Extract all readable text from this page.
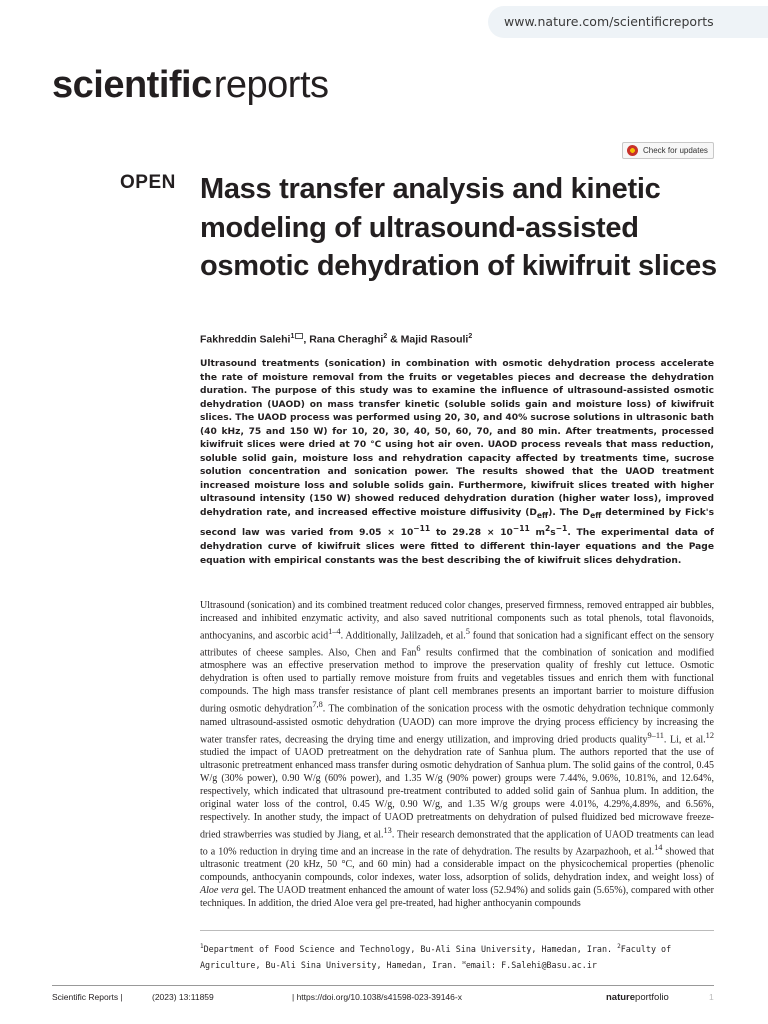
www.nature.com/scientificreports
scientificreports
Check for updates
OPEN Mass transfer analysis and kinetic modeling of ultrasound-assisted osmotic dehydration of kiwifruit slices
Fakhreddin Salehi$^1$ , Rana Cheraghi$^2$ & Majid Rasouli$^2$

Ultrasound treatments (sonication) in combination with osmotic dehydration process accelerate the rate of moisture removal from the fruits or vegetables pieces and decrease the dehydration duration. The purpose of this study was to examine the influence of ultrasound-assisted osmotic dehydration (UAOD) on mass transfer kinetic (soluble solids gain and moisture loss) of kiwifruit slices. The UAOD process was performed using 20, 30, and 40% sucrose solutions in ultrasonic bath (40 kHz, 75 and 150 W) for 10, 20, 30, 40, 50, 60, 70, and 80 min. After treatments, processed kiwifruit slices were dried at 70 °C using hot air oven. UAOD process reveals that mass reduction, soluble solid gain, moisture loss and rehydration capacity affected by treatments time, sucrose solution concentration and sonication power. The results showed that the UAOD treatment increased moisture loss and soluble solids gain. Furthermore, kiwifruit slices treated with higher ultrasound intensity (150 W) showed reduced dehydration duration (higher water loss), improved dehydration rate, and increased effective moisture diffusivity $(D_{eff})$. The $D_{eff}$ determined by Fick's second law was varied from $9.05 \times 10^{-11}$ to $29.28 \times 10^{-11}$ $m^2s^{-1}$. The experimental data of dehydration curve of kiwifruit slices were fitted to different thin-layer equations and the Page equation with empirical constants was the best describing the of kiwifruit slices dehydration.

Ultrasound (sonication) and its combined treatment reduced color changes, preserved firmness, removed entrapped air bubbles, increased and inhibited enzymatic activity, and also saved nutritional components such as total phenols, total flavonoids, anthocyanins, and ascorbic acid$^{1-4}$. Additionally, Jalilzadeh, et al.$^5$ found that sonication had a significant effect on the sensory attributes of cheese samples. Also, Chen and Fan$^6$ results confirmed that the combination of sonication and modified atmosphere was an effective preservation method to improve the preservation quality of freshly cut lettuce. Osmotic dehydration is often used to partially remove moisture from fruits and vegetables tissues and enrich them with functional compounds. The high mass transfer resistance of plant cell membranes presents an important barrier to moisture diffusion during osmotic dehydration$^{7,8}$. The combination of the sonication process with the osmotic dehydration technique commonly named ultrasound-assisted osmotic dehydration (UAOD) can more improve the drying process efficiency by increasing the water transfer rates, decreasing the drying time and energy utilization, and improving dried products quality$^{9-11}$. Li, et al.$^{12}$ studied the impact of UAOD pretreatment on the dehydration rate of Sanhua plum. The authors reported that the use of ultrasonic pretreatment enhanced mass transfer during osmotic dehydration of Sanhua plum. The solid gains of the control, 0.45 W/g (30% power), 0.90 W/g (60% power), and 1.35 W/g (90% power) groups were 7.44%, 9.06%, 10.81%, and 12.64%, respectively, which indicated that ultrasound pre-treatment contributed to added solid gain of Sanhua plum. In addition, the original water loss of the control, 0.45 W/g, 0.90 W/g, and 1.35 W/g groups were 4.01%, 4.29%,4.89%, and 6.56%, respectively. In another study, the impact of UAOD pretreatments on dehydration of pulsed fluidized bed microwave freeze-dried strawberries was studied by Jiang, et al.$^{13}$. Their research demonstrated that the application of UAOD treatments can lead to a 10% reduction in drying time and an increase in the rate of dehydration. The results by Azarpazhooh, et al.$^{14}$ showed that ultrasonic treatment (20 kHz, 50 °C, and 60 min) had a considerable impact on the physicochemical properties (phenolic compounds, anthocyanin compounds, color indexes, water loss, adsorption of solids, dehydration index, and weight loss) of Aloe vera gel. The UAOD treatment enhanced the amount of water loss (52.94%) and solids gain (5.65%), compared with other techniques. In addition, the dried Aloe vera gel pre-treated, had higher anthocyanin compounds

$^1$Department of Food Science and Technology, Bu-Ali Sina University, Hamedan, Iran. $^2$Faculty of Agriculture, Bu-Ali Sina University, Hamedan, Iran. ✉email: F.Salehi@Basu.ac.ir

Scientific Reports |	(2023) 13:11859	| https://doi.org/10.1038/s41598-023-39146-x	natureportfolio	1
